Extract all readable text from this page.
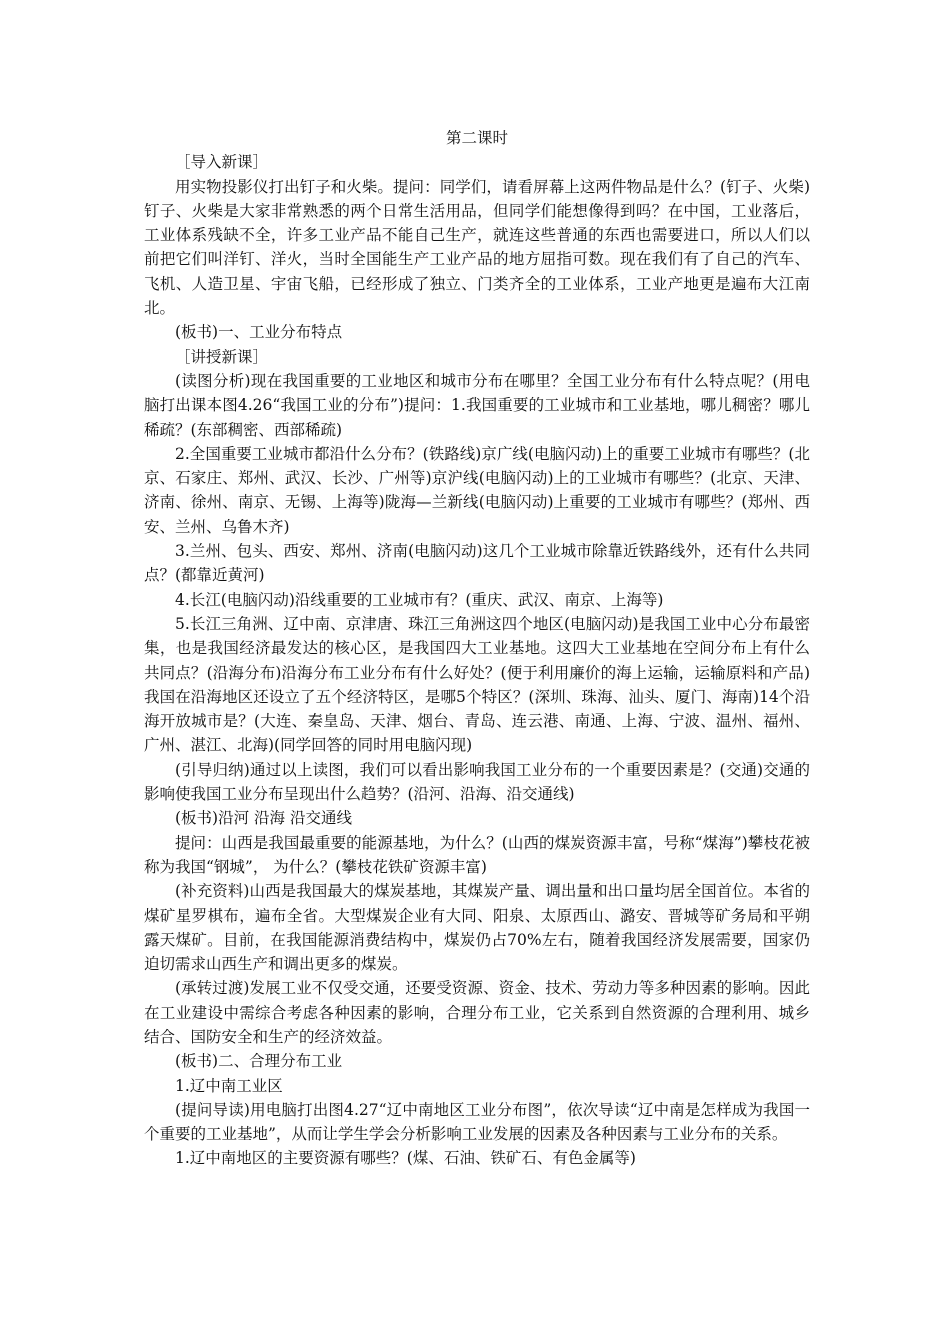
第二课时

［导入新课］

用实物投影仪打出钉子和火柴。提问：同学们，请看屏幕上这两件物品是什么？(钉子、火柴)钉子、火柴是大家非常熟悉的两个日常生活用品，但同学们能想像得到吗？在中国，工业落后，工业体系残缺不全，许多工业产品不能自己生产，就连这些普通的东西也需要进口，所以人们以前把它们叫洋钉、洋火，当时全国能生产工业产品的地方屈指可数。现在我们有了自己的汽车、飞机、人造卫星、宇宙飞船，已经形成了独立、门类齐全的工业体系，工业产地更是遍布大江南北。

(板书)一、工业分布特点

［讲授新课］

(读图分析)现在我国重要的工业地区和城市分布在哪里？全国工业分布有什么特点呢？(用电脑打出课本图4.26“我国工业的分布”)提问：1.我国重要的工业城市和工业基地，哪儿稠密？哪儿稀疏？(东部稠密、西部稀疏)

2.全国重要工业城市都沿什么分布？(铁路线)京广线(电脑闪动)上的重要工业城市有哪些？(北京、石家庄、郑州、武汉、长沙、广州等)京沪线(电脑闪动)上的工业城市有哪些？(北京、天津、济南、徐州、南京、无锡、上海等)陇海—兰新线(电脑闪动)上重要的工业城市有哪些？(郑州、西安、兰州、乌鲁木齐)

3.兰州、包头、西安、郑州、济南(电脑闪动)这几个工业城市除靠近铁路线外，还有什么共同点？(都靠近黄河)

4.长江(电脑闪动)沿线重要的工业城市有？(重庆、武汉、南京、上海等)

5.长江三角洲、辽中南、京津唐、珠江三角洲这四个地区(电脑闪动)是我国工业中心分布最密集，也是我国经济最发达的核心区，是我国四大工业基地。这四大工业基地在空间分布上有什么共同点？(沿海分布)沿海分布工业分布有什么好处？(便于利用廉价的海上运输，运输原料和产品)我国在沿海地区还设立了五个经济特区，是哪5个特区？(深圳、珠海、汕头、厦门、海南)14个沿海开放城市是？(大连、秦皇岛、天津、烟台、青岛、连云港、南通、上海、宁波、温州、福州、广州、湛江、北海)(同学回答的同时用电脑闪现)

(引导归纳)通过以上读图，我们可以看出影响我国工业分布的一个重要因素是？(交通)交通的影响使我国工业分布呈现出什么趋势？(沿河、沿海、沿交通线)

(板书)沿河 沿海 沿交通线

提问：山西是我国最重要的能源基地，为什么？(山西的煤炭资源丰富，号称“煤海”)攀枝花被称为我国“钢城”， 为什么？(攀枝花铁矿资源丰富)

(补充资料)山西是我国最大的煤炭基地，其煤炭产量、调出量和出口量均居全国首位。本省的煤矿星罗棋布，遍布全省。大型煤炭企业有大同、阳泉、太原西山、潞安、晋城等矿务局和平朔露天煤矿。目前，在我国能源消费结构中，煤炭仍占70%左右，随着我国经济发展需要，国家仍迫切需求山西生产和调出更多的煤炭。

(承转过渡)发展工业不仅受交通，还要受资源、资金、技术、劳动力等多种因素的影响。因此在工业建设中需综合考虑各种因素的影响，合理分布工业，它关系到自然资源的合理利用、城乡结合、国防安全和生产的经济效益。

(板书)二、合理分布工业

1.辽中南工业区

(提问导读)用电脑打出图4.27“辽中南地区工业分布图”，依次导读“辽中南是怎样成为我国一个重要的工业基地”，从而让学生学会分析影响工业发展的因素及各种因素与工业分布的关系。

1.辽中南地区的主要资源有哪些？(煤、石油、铁矿石、有色金属等)
